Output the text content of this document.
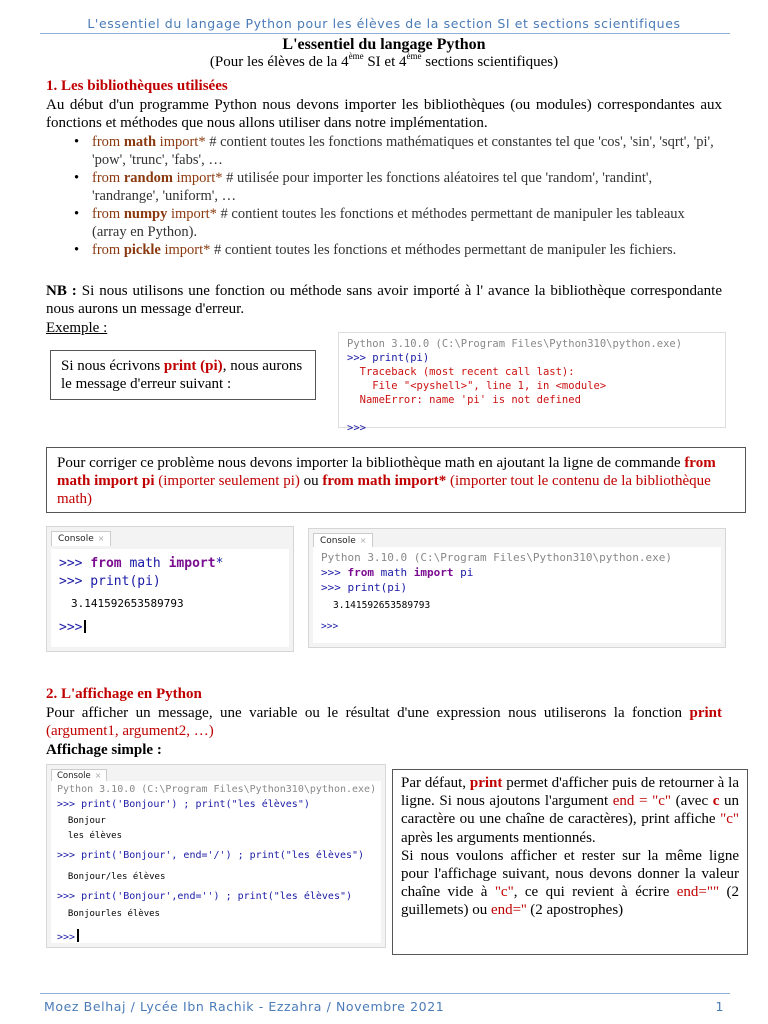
L'essentiel du langage Python pour les élèves de la section SI et sections scientifiques
L'essentiel du langage Python
(Pour les élèves de la 4ème SI et 4ème sections scientifiques)
1. Les bibliothèques utilisées
Au début d'un programme Python nous devons importer les bibliothèques (ou modules) correspondantes aux fonctions et méthodes que nous allons utiliser dans notre implémentation.
• from math import* # contient toutes les fonctions mathématiques et constantes tel que 'cos', 'sin', 'sqrt', 'pi', 'pow', 'trunc', 'fabs', …
• from random import* # utilisée pour importer les fonctions aléatoires tel que 'random', 'randint', 'randrange', 'uniform', …
• from numpy import* # contient toutes les fonctions et méthodes permettant de manipuler les tableaux (array en Python).
• from pickle import* # contient toutes les fonctions et méthodes permettant de manipuler les fichiers.
NB : Si nous utilisons une fonction ou méthode sans avoir importé à l' avance la bibliothèque correspondante nous aurons un message d'erreur.
Exemple :
Si nous écrivons print (pi), nous aurons le message d'erreur suivant :
Python 3.10.0 (C:\Program Files\Python310\python.exe)
>>> print(pi)
Traceback (most recent call last):
File "<pyshell>", line 1, in <module>
NameError: name 'pi' is not defined

>>>
Pour corriger ce problème nous devons importer la bibliothèque math en ajoutant la ligne de commande from math import pi (importer seulement pi) ou from math import* (importer tout le contenu de la bibliothèque math)
Console ×
>>> from math import*
>>> print(pi)
3.141592653589793
>>>
Console ×
Python 3.10.0 (C:\Program Files\Python310\python.exe)
>>> from math import pi
>>> print(pi)
3.141592653589793
>>>
2. L'affichage en Python
Pour afficher un message, une variable ou le résultat d'une expression nous utiliserons la fonction print (argument1, argument2, …)
Affichage simple :
Console ×
Python 3.10.0 (C:\Program Files\Python310\python.exe)
>>> print('Bonjour') ; print("les élèves")
Bonjour
les élèves
>>> print('Bonjour', end='/') ; print("les élèves")
Bonjour/les élèves
>>> print('Bonjour',end='') ; print("les élèves")
Bonjourles élèves
>>>
Par défaut, print permet d'afficher puis de retourner à la ligne. Si nous ajoutons l'argument end = "c" (avec c un caractère ou une chaîne de caractères), print affiche "c" après les arguments mentionnés.
Si nous voulons afficher et rester sur la même ligne pour l'affichage suivant, nous devons donner la valeur chaîne vide à "c", ce qui revient à écrire end="" (2 guillemets) ou end='' (2 apostrophes)
Moez Belhaj / Lycée Ibn Rachik - Ezzahra / Novembre 2021	1
